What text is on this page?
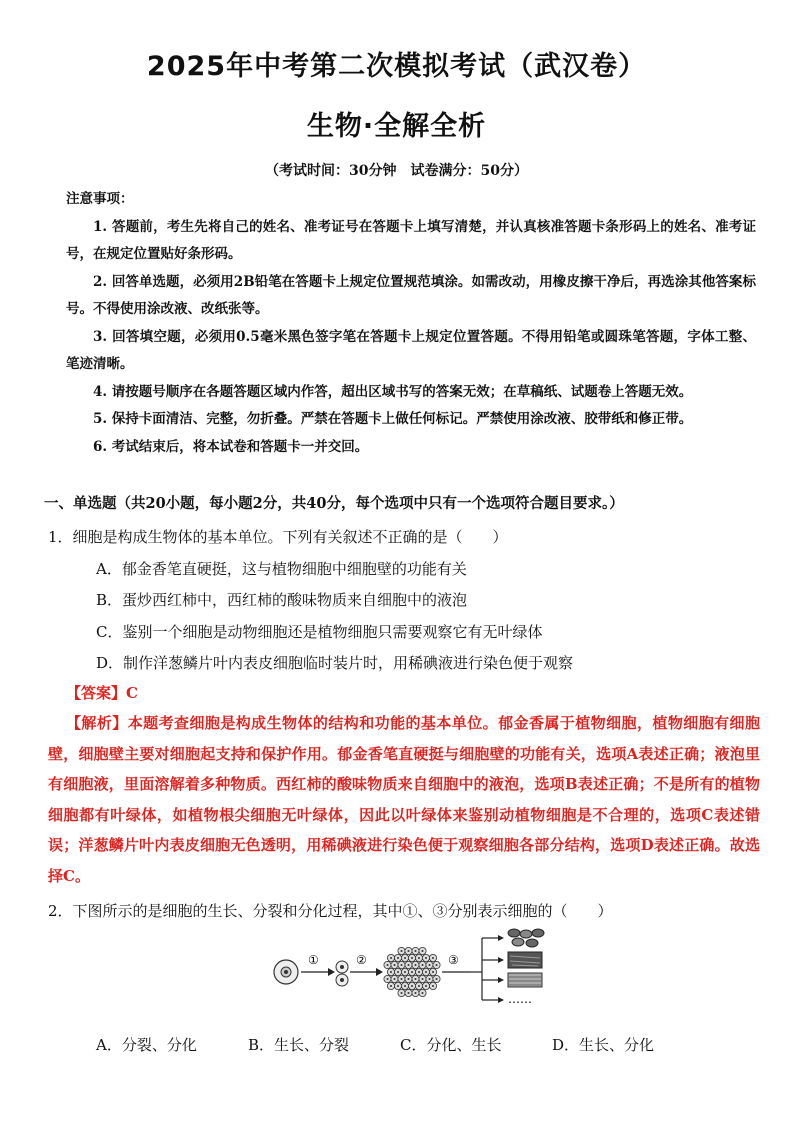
2025年中考第二次模拟考试（武汉卷）
生物·全解全析
（考试时间：30分钟　试卷满分：50分）
注意事项：
1. 答题前，考生先将自己的姓名、准考证号在答题卡上填写清楚，并认真核准答题卡条形码上的姓名、准考证号，在规定位置贴好条形码。
2. 回答单选题，必须用2B铅笔在答题卡上规定位置规范填涂。如需改动，用橡皮擦干净后，再选涂其他答案标号。不得使用涂改液、改纸张等。
3. 回答填空题，必须用0.5毫米黑色签字笔在答题卡上规定位置答题。不得用铅笔或圆珠笔答题，字体工整、笔迹清晰。
4. 请按题号顺序在各题答题区域内作答，超出区域书写的答案无效；在草稿纸、试题卷上答题无效。
5. 保持卡面清洁、完整，勿折叠。严禁在答题卡上做任何标记。严禁使用涂改液、胶带纸和修正带。
6. 考试结束后，将本试卷和答题卡一并交回。
一、单选题（共20小题，每小题2分，共40分，每个选项中只有一个选项符合题目要求。）
1．细胞是构成生物体的基本单位。下列有关叙述不正确的是（　　）
A．郁金香笔直硬挺，这与植物细胞中细胞壁的功能有关
B．蛋炒西红柿中，西红柿的酸味物质来自细胞中的液泡
C．鉴别一个细胞是动物细胞还是植物细胞只需要观察它有无叶绿体
D．制作洋葱鳞片叶内表皮细胞临时装片时，用稀碘液进行染色便于观察
【答案】C
【解析】本题考查细胞是构成生物体的结构和功能的基本单位。郁金香属于植物细胞，植物细胞有细胞壁，细胞壁主要对细胞起支持和保护作用。郁金香笔直硬挺与细胞壁的功能有关，选项A表述正确；液泡里有细胞液，里面溶解着多种物质。西红柿的酸味物质来自细胞中的液泡，选项B表述正确；不是所有的植物细胞都有叶绿体，如植物根尖细胞无叶绿体，因此以叶绿体来鉴别动植物细胞是不合理的，选项C表述错误；洋葱鳞片叶内表皮细胞无色透明，用稀碘液进行染色便于观察细胞各部分结构，选项D表述正确。故选择C。
2．下图所示的是细胞的生长、分裂和分化过程，其中①、③分别表示细胞的（　　）
①	②	③
……
A．分裂、分化	B．生长、分裂	C．分化、生长	D．生长、分化
